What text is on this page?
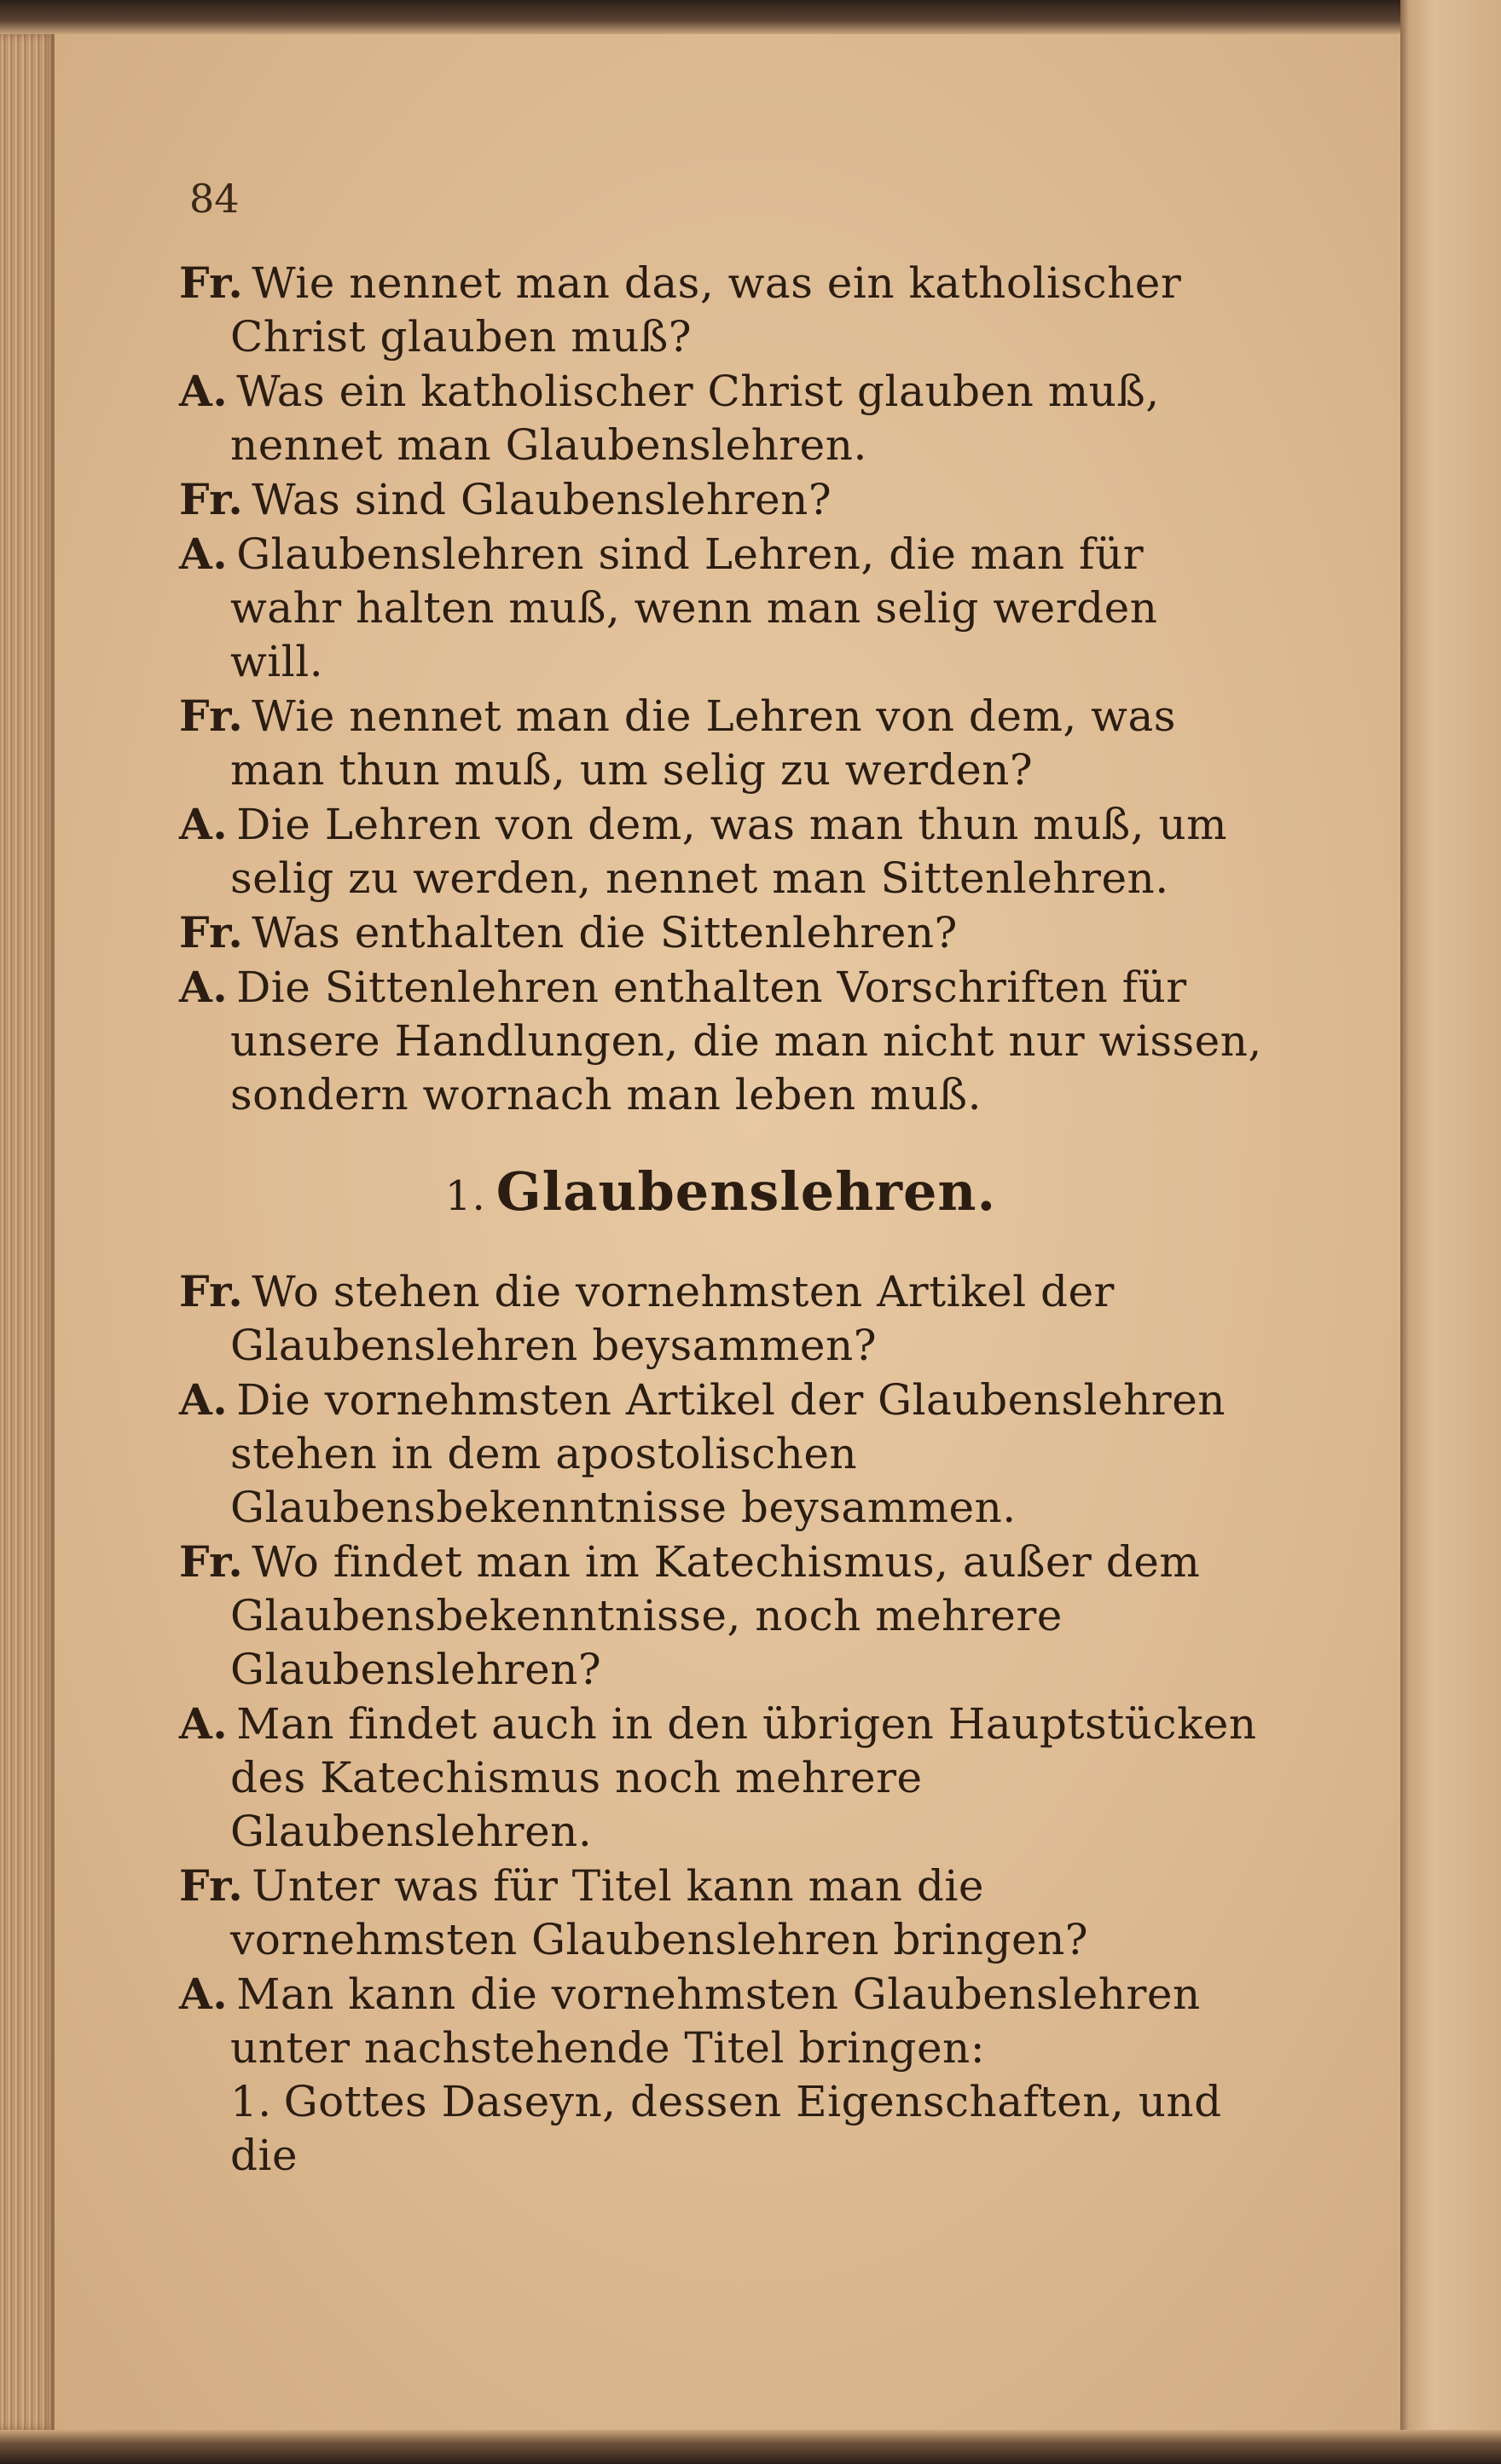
84

Fr. Wie nennet man das, was ein katholischer Christ glauben muß?

A. Was ein katholischer Christ glauben muß, nennet man Glaubenslehren.

Fr. Was sind Glaubenslehren?

A. Glaubenslehren sind Lehren, die man für wahr halten muß, wenn man selig werden will.

Fr. Wie nennet man die Lehren von dem, was man thun muß, um selig zu werden?

A. Die Lehren von dem, was man thun muß, um selig zu werden, nennet man Sittenlehren.

Fr. Was enthalten die Sittenlehren?

A. Die Sittenlehren enthalten Vorschriften für unsere Handlungen, die man nicht nur wissen, sondern wornach man leben muß.

1. Glaubenslehren.

Fr. Wo stehen die vornehmsten Artikel der Glaubenslehren beysammen?

A. Die vornehmsten Artikel der Glaubenslehren stehen in dem apostolischen Glaubensbekenntnisse beysammen.

Fr. Wo findet man im Katechismus, außer dem Glaubensbekenntnisse, noch mehrere Glaubenslehren?

A. Man findet auch in den übrigen Hauptstücken des Katechismus noch mehrere Glaubenslehren.

Fr. Unter was für Titel kann man die vornehmsten Glaubenslehren bringen?

A. Man kann die vornehmsten Glaubenslehren unter nachstehende Titel bringen:

1. Gottes Daseyn, dessen Eigenschaften, und die
